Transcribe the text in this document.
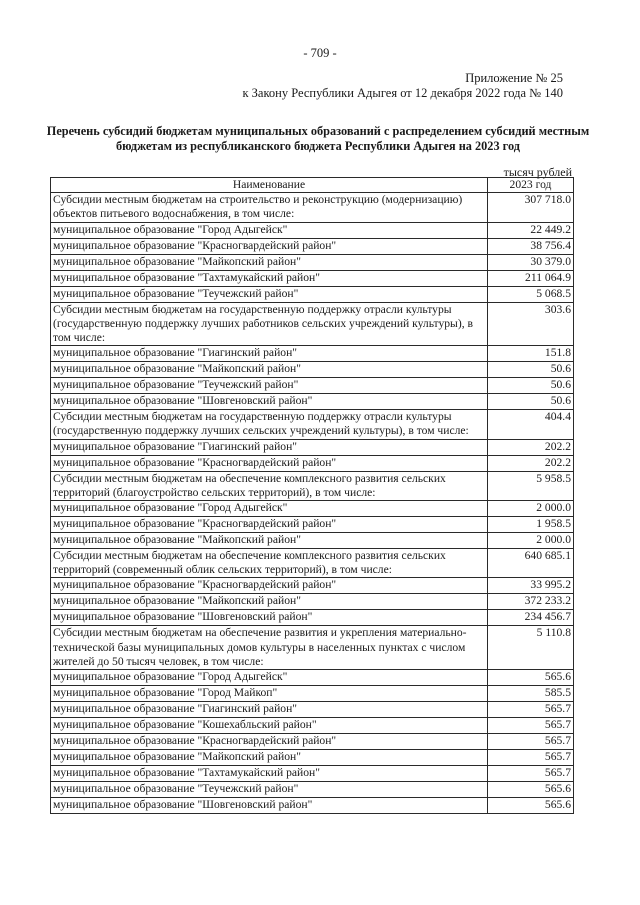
- 709 -
Приложение № 25
к Закону Республики Адыгея от 12 декабря 2022 года № 140
Перечень субсидий бюджетам муниципальных образований с распределением субсидий местным бюджетам из республиканского бюджета Республики Адыгея на 2023 год
тысяч рублей
Наименование	2023 год
Субсидии местным бюджетам на строительство и реконструкцию (модернизацию) объектов питьевого водоснабжения, в том числе:	307 718.0
муниципальное образование "Город Адыгейск"	22 449.2
муниципальное образование "Красногвардейский район"	38 756.4
муниципальное образование "Майкопский район"	30 379.0
муниципальное образование "Тахтамукайский район"	211 064.9
муниципальное образование "Теучежский район"	5 068.5
Субсидии местным бюджетам на государственную поддержку отрасли культуры (государственную поддержку лучших работников сельских учреждений культуры), в том числе:	303.6
муниципальное образование "Гиагинский район"	151.8
муниципальное образование "Майкопский район"	50.6
муниципальное образование "Теучежский район"	50.6
муниципальное образование "Шовгеновский район"	50.6
Субсидии местным бюджетам на государственную поддержку отрасли культуры (государственную поддержку лучших сельских учреждений культуры), в том числе:	404.4
муниципальное образование "Гиагинский район"	202.2
муниципальное образование "Красногвардейский район"	202.2
Субсидии местным бюджетам на обеспечение комплексного развития сельских территорий (благоустройство сельских территорий), в том числе:	5 958.5
муниципальное образование "Город Адыгейск"	2 000.0
муниципальное образование "Красногвардейский район"	1 958.5
муниципальное образование "Майкопский район"	2 000.0
Субсидии местным бюджетам на обеспечение комплексного развития сельских территорий (современный облик сельских территорий), в том числе:	640 685.1
муниципальное образование "Красногвардейский район"	33 995.2
муниципальное образование "Майкопский район"	372 233.2
муниципальное образование "Шовгеновский район"	234 456.7
Субсидии местным бюджетам на обеспечение развития и укрепления материально-технической базы муниципальных домов культуры в населенных пунктах с числом жителей до 50 тысяч человек, в том числе:	5 110.8
муниципальное образование "Город Адыгейск"	565.6
муниципальное образование "Город Майкоп"	585.5
муниципальное образование "Гиагинский район"	565.7
муниципальное образование "Кошехабльский район"	565.7
муниципальное образование "Красногвардейский район"	565.7
муниципальное образование "Майкопский район"	565.7
муниципальное образование "Тахтамукайский район"	565.7
муниципальное образование "Теучежский район"	565.6
муниципальное образование "Шовгеновский район"	565.6
